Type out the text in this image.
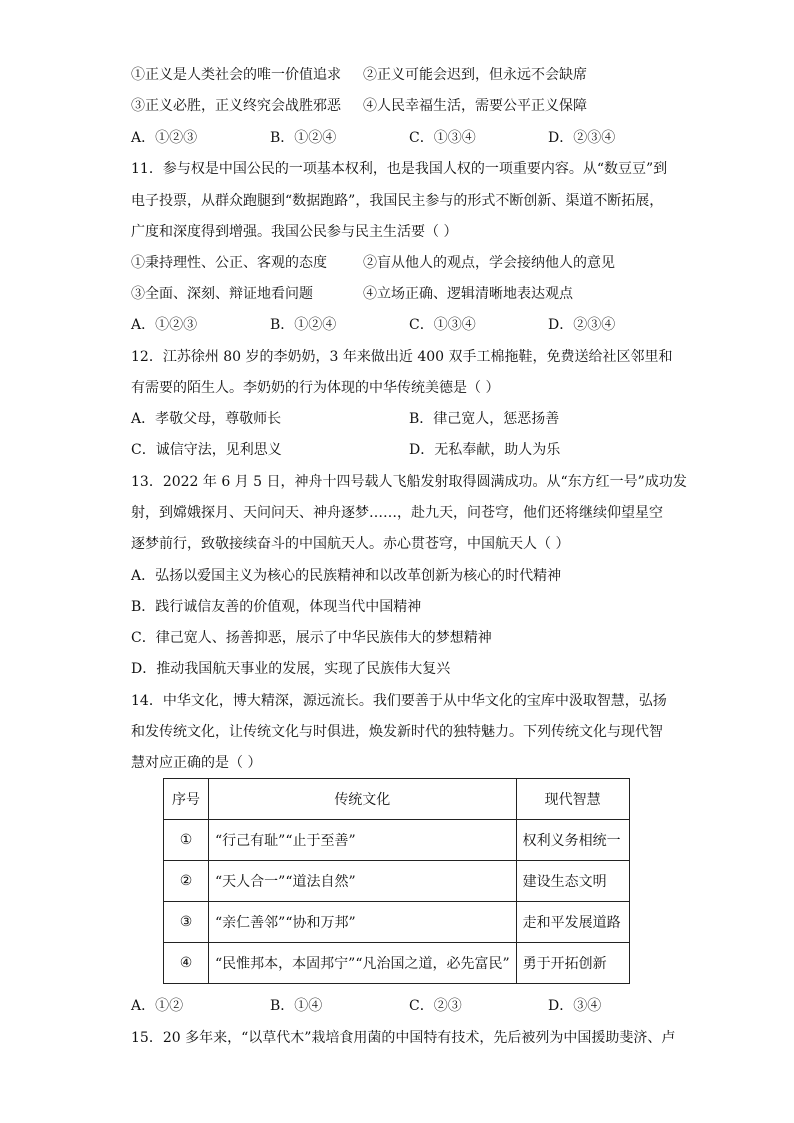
①正义是人类社会的唯一价值追求 ②正义可能会迟到，但永远不会缺席
③正义必胜，正义终究会战胜邪恶 ④人民幸福生活，需要公平正义保障
A．①②③	B．①②④	C．①③④	D．②③④
11．参与权是中国公民的一项基本权利，也是我国人权的一项重要内容。从“数豆豆”到
电子投票，从群众跑腿到“数据跑路”，我国民主参与的形式不断创新、渠道不断拓展，
广度和深度得到增强。我国公民参与民主生活要（ ）
①秉持理性、公正、客观的态度	②盲从他人的观点，学会接纳他人的意见
③全面、深刻、辩证地看问题	④立场正确、逻辑清晰地表达观点
A．①②③	B．①②④	C．①③④	D．②③④
12．江苏徐州 80 岁的李奶奶，3 年来做出近 400 双手工棉拖鞋，免费送给社区邻里和
有需要的陌生人。李奶奶的行为体现的中华传统美德是（ ）
A．孝敬父母，尊敬师长	B．律己宽人，惩恶扬善
C．诚信守法，见利思义	D．无私奉献，助人为乐
13．2022 年 6 月 5 日，神舟十四号载人飞船发射取得圆满成功。从“东方红一号”成功发
射，到嫦娥探月、天问问天、神舟逐梦……，赴九天，问苍穹，他们还将继续仰望星空
逐梦前行，致敬接续奋斗的中国航天人。赤心贯苍穹，中国航天人（ ）
A．弘扬以爱国主义为核心的民族精神和以改革创新为核心的时代精神
B．践行诚信友善的价值观，体现当代中国精神
C．律己宽人、扬善抑恶，展示了中华民族伟大的梦想精神
D．推动我国航天事业的发展，实现了民族伟大复兴
14．中华文化，博大精深，源远流长。我们要善于从中华文化的宝库中汲取智慧，弘扬
和发传统文化，让传统文化与时俱进，焕发新时代的独特魅力。下列传统文化与现代智
慧对应正确的是（ ）
序号	传统文化	现代智慧
①	“行己有耻”“止于至善”	权利义务相统一
②	“天人合一”“道法自然”	建设生态文明
③	“亲仁善邻”“协和万邦”	走和平发展道路
④	“民惟邦本，本固邦宁”“凡治国之道，必先富民”	勇于开拓创新
A．①②	B．①④	C．②③	D．③④
15．20 多年来，“以草代木”栽培食用菌的中国特有技术，先后被列为中国援助斐济、卢
